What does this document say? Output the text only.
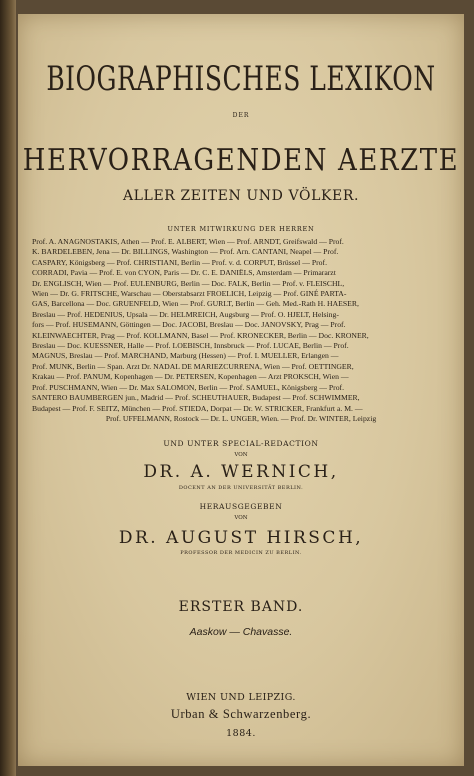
BIOGRAPHISCHES LEXIKON
DER
HERVORRAGENDEN AERZTE
ALLER ZEITEN UND VÖLKER.
UNTER MITWIRKUNG DER HERREN
Prof. A. ANAGNOSTAKIS, Athen — Prof. E. ALBERT, Wien — Prof. ARNDT, Greifswald — Prof.
K. BARDELEBEN, Jena — Dr. BILLINGS, Washington — Prof. Arn. CANTANI, Neapel — Prof.
CASPARY, Königsberg — Prof. CHRISTIANI, Berlin — Prof. v. d. CORPUT, Brüssel — Prof.
CORRADI, Pavia — Prof. E. von CYON, Paris — Dr. C. E. DANIËLS, Amsterdam — Primararzt
Dr. ENGLISCH, Wien — Prof. EULENBURG, Berlin — Doc. FALK, Berlin — Prof. v. FLEISCHL,
Wien — Dr. G. FRITSCHE, Warschau — Oberstabsarzt FROELICH, Leipzig — Prof. GINÉ PARTA-
GAS, Barcellona — Doc. GRUENFELD, Wien — Prof. GURLT, Berlin — Geh. Med.-Rath H. HAESER,
Breslau — Prof. HEDENIUS, Upsala — Dr. HELMREICH, Augsburg — Prof. O. HJELT, Helsing-
fors — Prof. HUSEMANN, Göttingen — Doc. JACOBI, Breslau — Doc. JANOVSKY, Prag — Prof.
KLEINWAECHTER, Prag — Prof. KOLLMANN, Basel — Prof. KRONECKER, Berlin — Doc. KRONER,
Breslau — Doc. KUESSNER, Halle — Prof. LOEBISCH, Innsbruck — Prof. LUCAE, Berlin — Prof.
MAGNUS, Breslau — Prof. MARCHAND, Marburg (Hessen) — Prof. I. MUELLER, Erlangen —
Prof. MUNK, Berlin — Span. Arzt Dr. NADAL DE MARIEZCURRENA, Wien — Prof. OETTINGER,
Krakau — Prof. PANUM, Kopenhagen — Dr. PETERSEN, Kopenhagen — Arzt PROKSCH, Wien —
Prof. PUSCHMANN, Wien — Dr. Max SALOMON, Berlin — Prof. SAMUEL, Königsberg — Prof.
SANTERO BAUMBERGEN jun., Madrid — Prof. SCHEUTHAUER, Budapest — Prof. SCHWIMMER,
Budapest — Prof. F. SEITZ, München — Prof. STIEDA, Dorpat — Dr. W. STRICKER, Frankfurt a. M. —
Prof. UFFELMANN, Rostock — Dr. L. UNGER, Wien. — Prof. Dr. WINTER, Leipzig
UND UNTER SPECIAL-REDACTION
VON
DR. A. WERNICH,
DOCENT AN DER UNIVERSITÄT BERLIN.
HERAUSGEGEBEN
VON
DR. AUGUST HIRSCH,
PROFESSOR DER MEDICIN ZU BERLIN.
ERSTER BAND.
Aaskow — Chavasse.
WIEN UND LEIPZIG.
Urban & Schwarzenberg.
1884.
